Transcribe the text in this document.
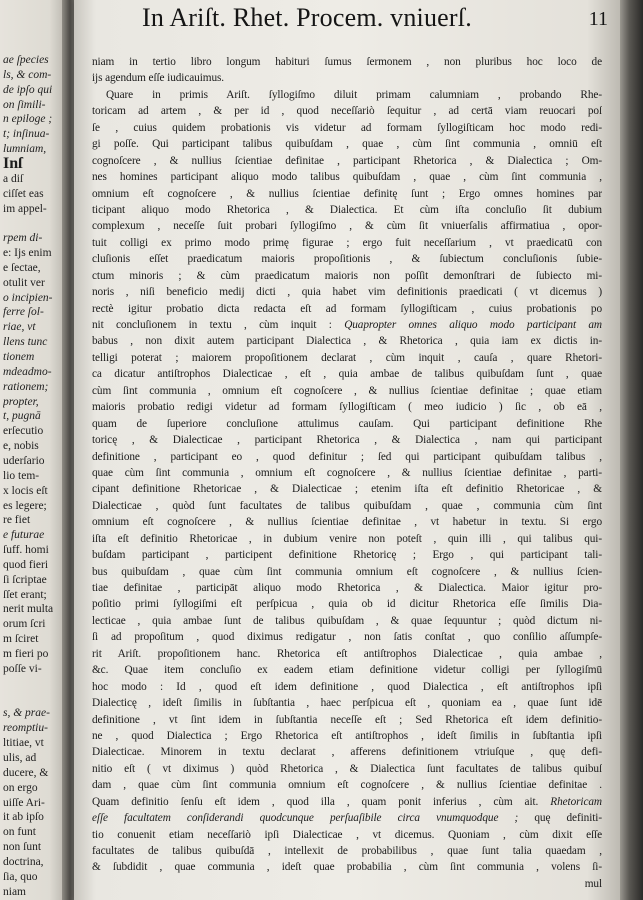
ae ſpecies
ls, & com-
de ipſo qui
on ſimili-
n epiloge ;
t; inſinua-
lumniam,
Inſ
a diſ
ciſſet eas
im appel-
rpem di-
e: Ijs enim
e ſectae,
otulit ver
o incipien-
ferre ſol-
riae, vt
llens tunc
tionem
mdeadmo-
rationem;
propter,
t, pugnā
erſecutio
e, nobis
uderſario
lio tem-
x locis eſt
es legere;
re fiet
e futurae
ſuff. homi
quod fieri
ſi ſcriptae
ſſet erant;
nerit multa
orum ſcri
m ſciret
m fieri po
poſſe vi-
s, & prae-
reomptiu-
ltitiae, vt
ulis, ad
ducere, &
on ergo
uiſſe Ari-
it ab ipſo
on funt
non ſunt
doctrina,
ſia, quo
niam
In Ariſt. Rhet. Procem. vniuerſ.	11
niam in tertio libro longum habituri ſumus ſermonem , non pluribus hoc loco de
ijs agendum eſſe iudicauimus.
Quare in primis Ariſt. ſyllogiſmo diluit primam calumniam , probando Rhe-
toricam ad artem , & per id , quod neceſſariò ſequitur , ad certā viam reuocari poſ
ſe , cuius quidem probationis vis videtur ad formam ſyllogiſticam hoc modo redi-
gi poſſe. Qui participant talibus quibuſdam , quae , cùm ſint communia , omniū eſt
cognoſcere , & nullius ſcientiae definitae , participant Rhetorica , & Dialectica ; Om-
nes homines participant aliquo modo talibus quibuſdam , quae , cùm ſint communia ,
omnium eſt cognoſcere , & nullius ſcientiae definitę ſunt ; Ergo omnes homines par
ticipant aliquo modo Rhetorica , & Dialectica. Et cùm iſta concluſio ſit dubium
complexum , neceſſe ſuit probari ſyllogiſmo , & cùm ſit vniuerſalis affirmatiua , opor-
tuit colligi ex primo modo primę figurae ; ergo fuit neceſſarium , vt praedicatū con
cluſionis eſſet praedicatum maioris propoſitionis , & ſubiectum concluſionis ſubie-
ctum minoris ; & cùm praedicatum maioris non poſſit demonſtrari de ſubiecto mi-
noris , niſi beneficio medij dicti , quia habet vim definitionis praedicati ( vt dicemus )
rectè igitur probatio dicta redacta eſt ad formam ſyllogiſticam , cuius probationis po
nit concluſionem in textu , cùm inquit : Quapropter omnes aliquo modo participant am
babus , non dixit autem participant Dialectica , & Rhetorica , quia iam ex dictis in-
telligi poterat ; maiorem propoſitionem declarat , cùm inquit , cauſa , quare Rhetori-
ca dicatur antiſtrophos Dialecticae , eſt , quia ambae de talibus quibuſdam ſunt , quae
cùm ſint communia , omnium eſt cognoſcere , & nullius ſcientiae definitae ; quae etiam
maioris probatio redigi videtur ad formam ſyllogiſticam ( meo iudicio ) ſic , ob eā ,
quam de ſuperiore concluſione attulimus cauſam. Qui participant definitione Rhe
toricę , & Dialecticae , participant Rhetorica , & Dialectica , nam qui participant
definitione , participant eo , quod definitur ; ſed qui participant quibuſdam talibus ,
quae cùm ſint communia , omnium eſt cognoſcere , & nullius ſcientiae definitae , parti-
cipant definitione Rhetoricae , & Dialecticae ; etenim iſta eſt definitio Rhetoricae , &
Dialecticae , quòd ſunt facultates de talibus quibuſdam , quae , communia cùm ſint
omnium eſt cognoſcere , & nullius ſcientiae definitae , vt habetur in textu. Si ergo
iſta eſt definitio Rhetoricae , in dubium venire non poteſt , quin illi , qui talibus qui-
buſdam participant , participent definitione Rhetoricę ; Ergo , qui participant tali-
bus quibuſdam , quae cùm ſint communia omnium eſt cognoſcere , & nullius ſcien-
tiae definitae , participāt aliquo modo Rhetorica , & Dialectica. Maior igitur pro-
poſitio primi ſyllogiſmi eſt perſpicua , quia ob id dicitur Rhetorica eſſe ſimilis Dia-
lecticae , quia ambae ſunt de talibus quibuſdam , & quae ſequuntur ; quòd dictum ni-
ſi ad propoſitum , quod diximus redigatur , non ſatis conſtat , quo conſilio aſſumpſe-
rit Ariſt. propoſitionem hanc. Rhetorica eſt antiſtrophos Dialecticae , quia ambae ,
&c. Quae item concluſio ex eadem etiam definitione videtur colligi per ſyllogiſmū
hoc modo : Id , quod eſt idem definitione , quod Dialectica , eſt antiſtrophos ipſi
Dialecticę , ideſt ſimilis in ſubſtantia , haec perſpicua eſt , quoniam ea , quae ſunt idē
definitione , vt ſint idem in ſubſtantia neceſſe eſt ; Sed Rhetorica eſt idem definitio-
ne , quod Dialectica ; Ergo Rhetorica eſt antiſtrophos , ideſt ſimilis in ſubſtantia ipſi
Dialecticae. Minorem in textu declarat , afferens definitionem vtriuſque , quę defi-
nitio eſt ( vt diximus ) quòd Rhetorica , & Dialectica ſunt facultates de talibus quibuſ
dam , quae cùm ſint communia omnium eſt cognoſcere , & nullius ſcientiae definitae .
Quam definitio ſenſu eſt idem , quod illa , quam ponit inferius , cùm ait. Rhetoricam
eſſe facultatem conſiderandi quodcunque perſuaſibile circa vnumquodque ; quę definiti-
tio conuenit etiam neceſſariò ipſi Dialecticae , vt dicemus. Quoniam , cùm dixit eſſe
facultates de talibus quibuſdā , intellexit de probabilibus , quae ſunt talia quaedam ,
& ſubdidit , quae communia , ideſt quae probabilia , cùm ſint communia , volens ſi-
mul
